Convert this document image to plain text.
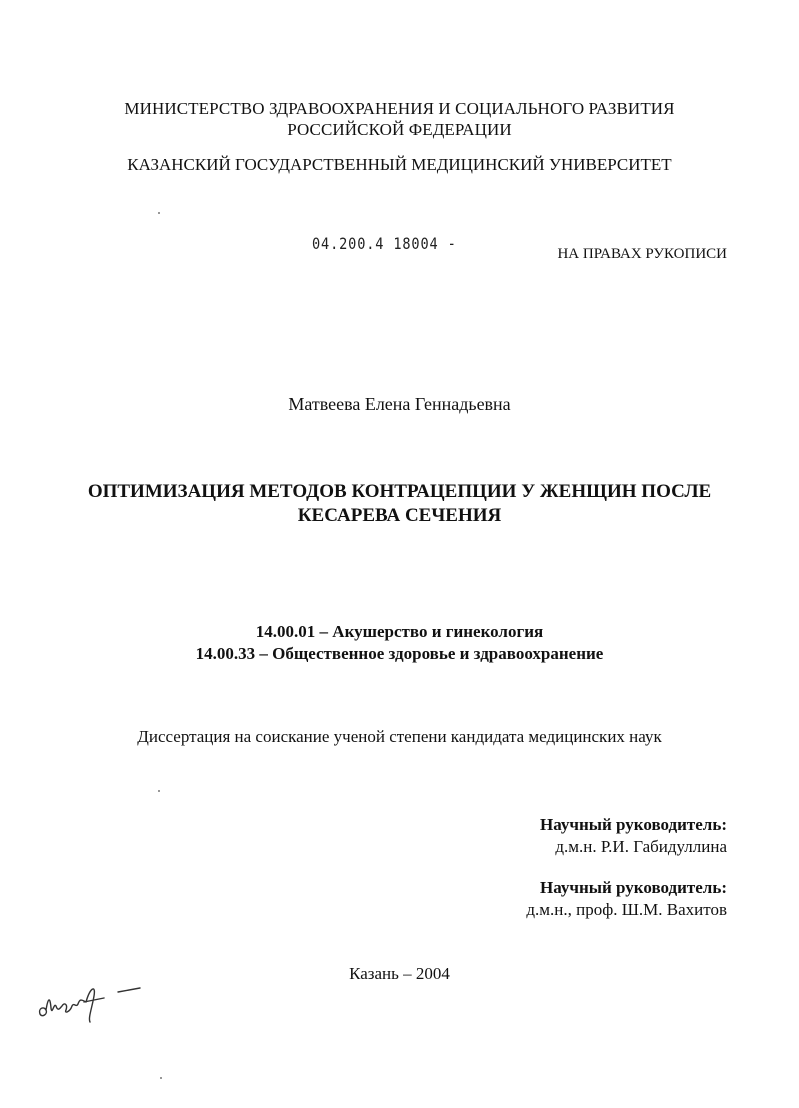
МИНИСТЕРСТВО ЗДРАВООХРАНЕНИЯ И СОЦИАЛЬНОГО РАЗВИТИЯ
РОССИЙСКОЙ ФЕДЕРАЦИИ
КАЗАНСКИЙ ГОСУДАРСТВЕННЫЙ МЕДИЦИНСКИЙ УНИВЕРСИТЕТ
04.200.4 18004 -
НА ПРАВАХ РУКОПИСИ
Матвеева Елена Геннадьевна
ОПТИМИЗАЦИЯ МЕТОДОВ КОНТРАЦЕПЦИИ У ЖЕНЩИН ПОСЛЕ
КЕСАРЕВА СЕЧЕНИЯ
14.00.01 – Акушерство и гинекология
14.00.33 – Общественное здоровье и здравоохранение
Диссертация на соискание ученой степени кандидата медицинских наук
Научный руководитель:
д.м.н. Р.И. Габидуллина
Научный руководитель:
д.м.н., проф. Ш.М. Вахитов
Казань – 2004
